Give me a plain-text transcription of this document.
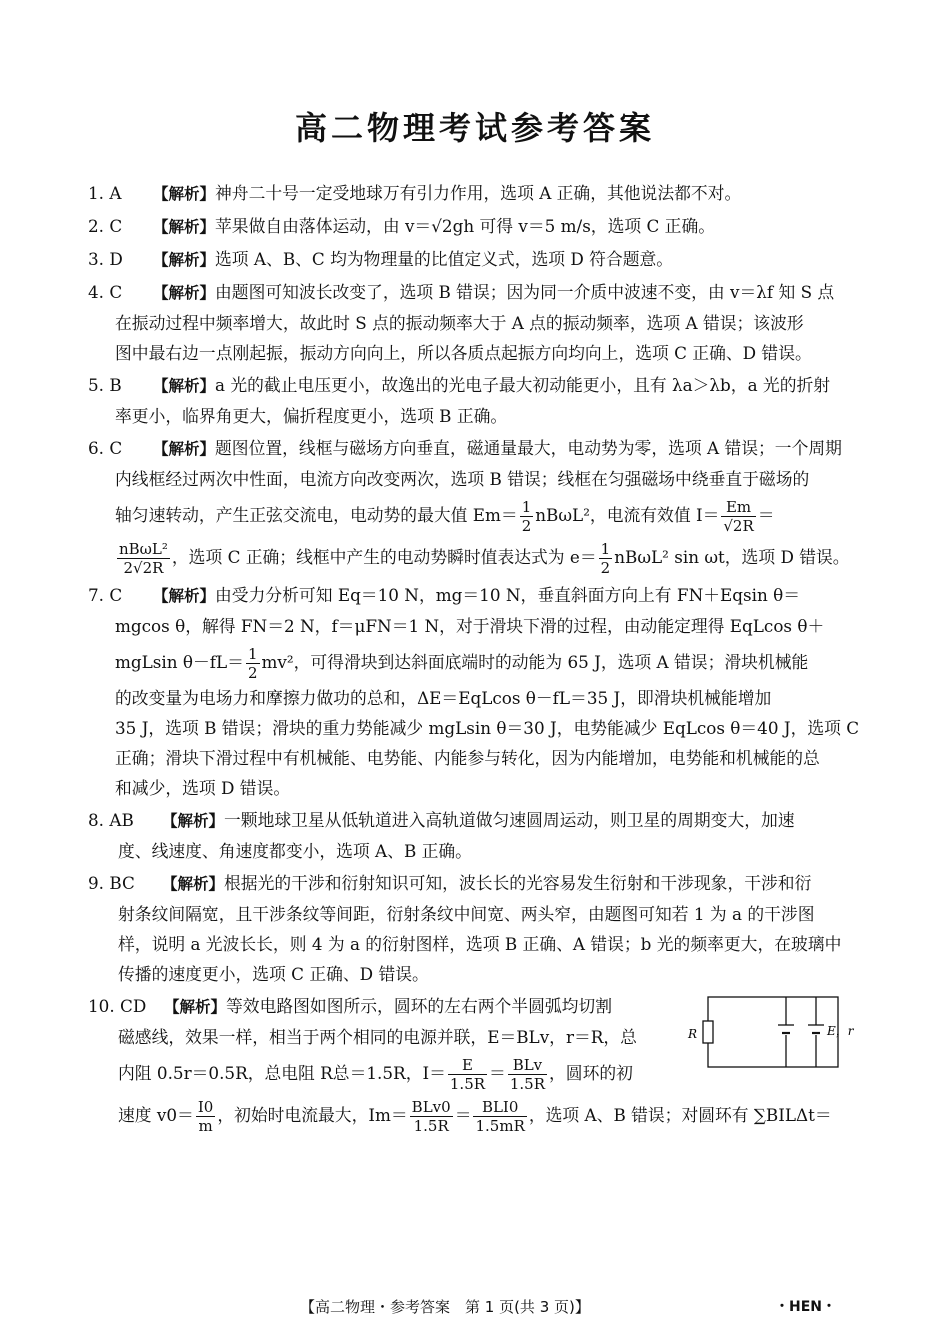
高二物理考试参考答案
1. A	【解析】神舟二十号一定受地球万有引力作用，选项 A 正确，其他说法都不对。
2. C	【解析】苹果做自由落体运动，由 v＝√2gh 可得 v＝5 m/s，选项 C 正确。
3. D	【解析】选项 A、B、C 均为物理量的比值定义式，选项 D 符合题意。
4. C	【解析】由题图可知波长改变了，选项 B 错误；因为同一介质中波速不变，由 v＝λf 知 S 点
在振动过程中频率增大，故此时 S 点的振动频率大于 A 点的振动频率，选项 A 错误；该波形
图中最右边一点刚起振，振动方向向上，所以各质点起振方向均向上，选项 C 正确、D 错误。
5. B	【解析】a 光的截止电压更小，故逸出的光电子最大初动能更小，且有 λa＞λb，a 光的折射
率更小，临界角更大，偏折程度更小，选项 B 正确。
6. C	【解析】题图位置，线框与磁场方向垂直，磁通量最大，电动势为零，选项 A 错误；一个周期
内线框经过两次中性面，电流方向改变两次，选项 B 错误；线框在匀强磁场中绕垂直于磁场的
轴匀速转动，产生正弦交流电，电动势的最大值 $Em= \frac{1}{2} nB\omega L^2$，电流有效值 $I= \frac{Em}{√2R}$ ＝
$\frac{\text{nBωL²}}{2√2R}$ ，选项 C 正确；线框中产生的电动势瞬时值表达式为 $e= \frac{1}{2} nB\omega L^2$ sin ωt，选项 D 错误。
7. C	【解析】由受力分析可知 Eq＝10 N，mg＝10 N，垂直斜面方向上有 FN＋Eqsin θ＝
mgcos θ，解得 FN＝2 N，f＝μFN＝1 N，对于滑块下滑的过程，由动能定理得 EqLcos θ＋
mgLsin $\theta-fL= \frac{1}{2} mv^2$，可得滑块到达斜面底端时的动能为 65 J，选项 A 错误；滑块机械能
的改变量为电场力和摩擦力做功的总和，ΔE＝EqLcos θ－fL＝35 J，即滑块机械能增加
35 J，选项 B 错误；滑块的重力势能减少 mgLsin θ＝30 J，电势能减少 EqLcos θ＝40 J，选项 C
正确；滑块下滑过程中有机械能、电势能、内能参与转化，因为内能增加，电势能和机械能的总
和减少，选项 D 错误。
8. AB	【解析】一颗地球卫星从低轨道进入高轨道做匀速圆周运动，则卫星的周期变大，加速
度、线速度、角速度都变小，选项 A、B 正确。
9. BC	【解析】根据光的干涉和衍射知识可知，波长长的光容易发生衍射和干涉现象，干涉和衍
射条纹间隔宽，且干涉条纹等间距，衍射条纹中间宽、两头窄，由题图可知若 1 为 a 的干涉图
样，说明 a 光波长长，则 4 为 a 的衍射图样，选项 B 正确、A 错误；b 光的频率更大，在玻璃中
传播的速度更小，选项 C 正确、D 错误。
10. CD	【解析】等效电路图如图所示，圆环的左右两个半圆弧均切割
磁感线，效果一样，相当于两个相同的电源并联，E＝BLv，r＝R，总
内阻 0.5r＝0.5R，总电阻 R总＝1.5R，$I= \frac{E}{1.5R} = \frac{\text{BLv}}{1.5R}$ ，圆环的初
速度 $v0= \frac{I0}{m}$ ，初始时电流最大，$Im= \frac{\text{BLv0}}{1.5R} = \frac{\text{BLI0}}{1.5mR}$ ，选项 A、B 错误；对圆环有 ∑BILΔt＝
R	E，r
【高二物理・参考答案　第 1 页(共 3 页)】	・HEN・
